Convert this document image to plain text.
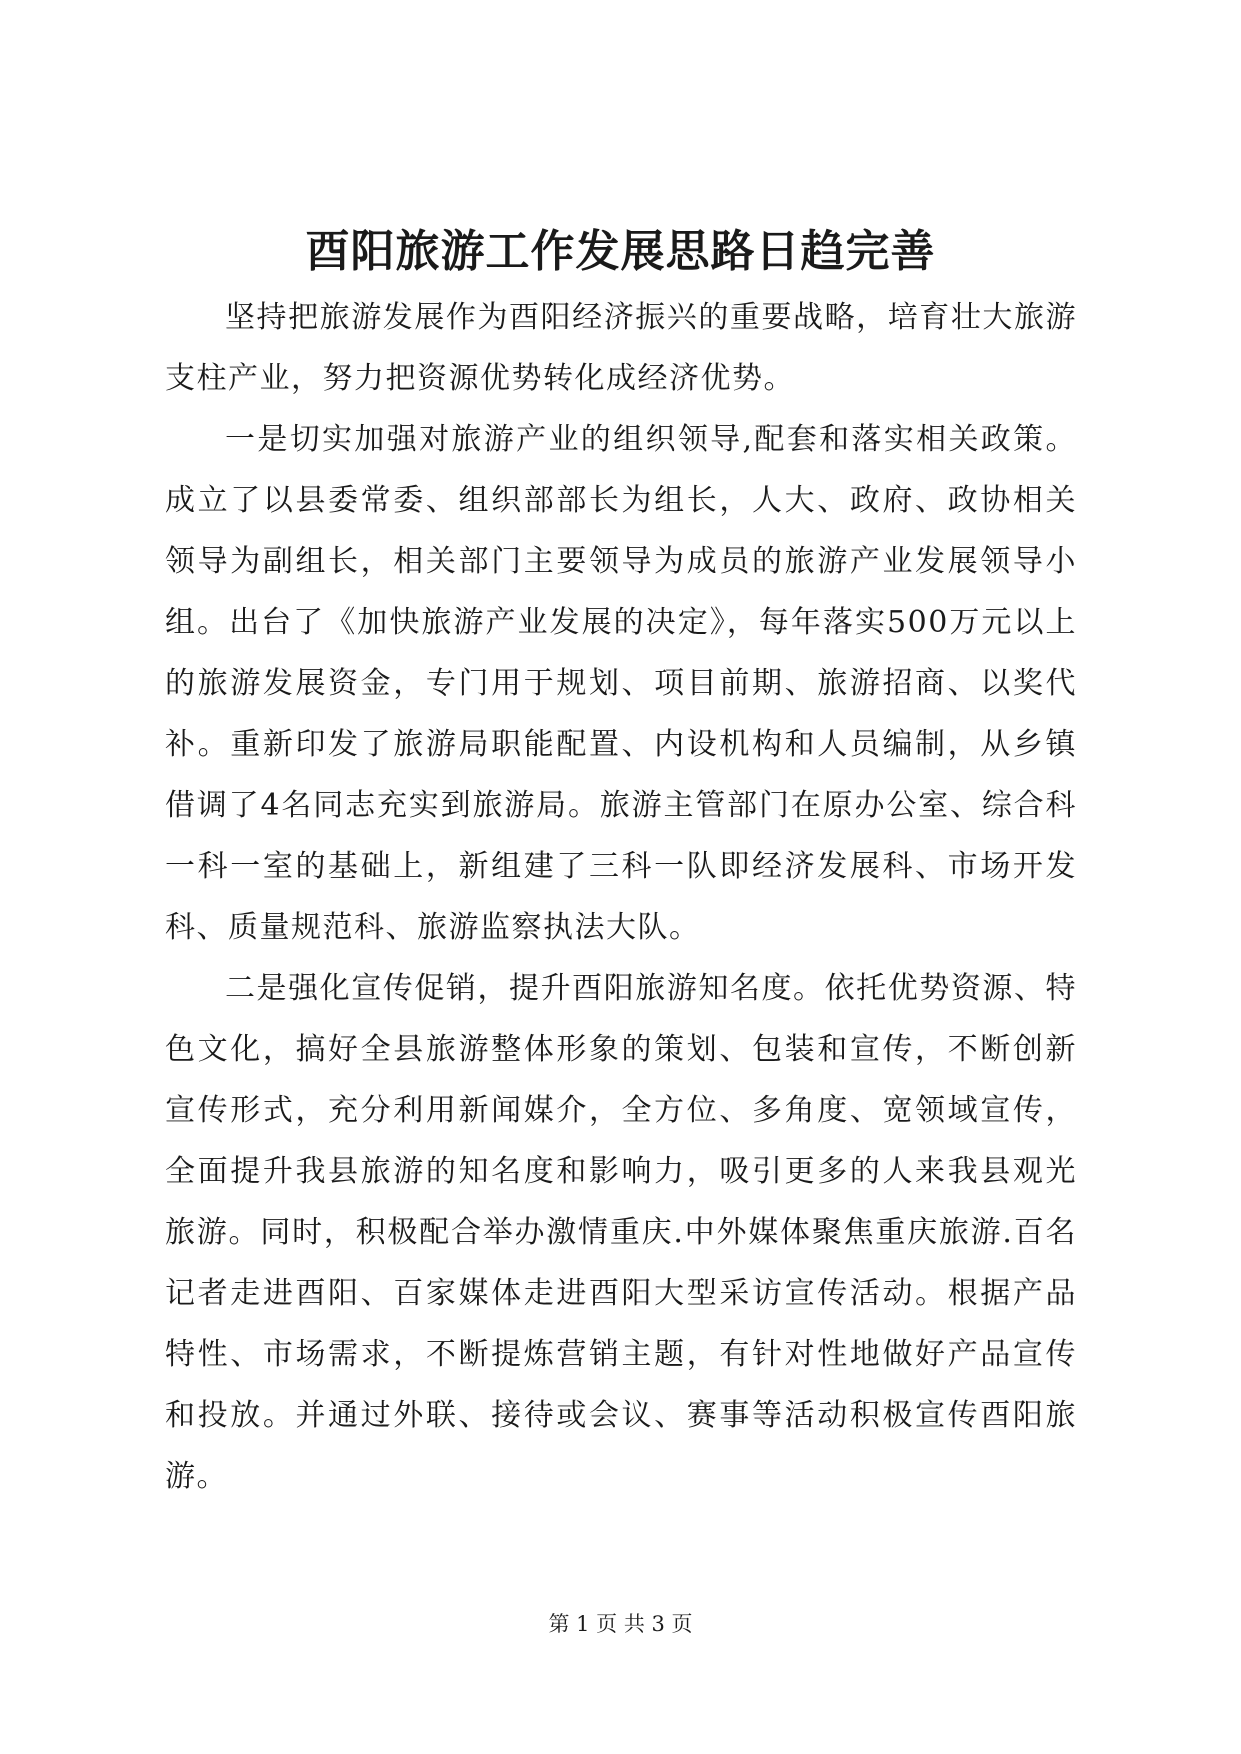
酉阳旅游工作发展思路日趋完善

坚持把旅游发展作为酉阳经济振兴的重要战略，培育壮大旅游支柱产业，努力把资源优势转化成经济优势。

一是切实加强对旅游产业的组织领导,配套和落实相关政策。成立了以县委常委、组织部部长为组长，人大、政府、政协相关领导为副组长，相关部门主要领导为成员的旅游产业发展领导小组。出台了《加快旅游产业发展的决定》，每年落实500万元以上的旅游发展资金，专门用于规划、项目前期、旅游招商、以奖代补。重新印发了旅游局职能配置、内设机构和人员编制，从乡镇借调了4名同志充实到旅游局。旅游主管部门在原办公室、综合科一科一室的基础上，新组建了三科一队即经济发展科、市场开发科、质量规范科、旅游监察执法大队。

二是强化宣传促销，提升酉阳旅游知名度。依托优势资源、特色文化，搞好全县旅游整体形象的策划、包装和宣传，不断创新宣传形式，充分利用新闻媒介，全方位、多角度、宽领域宣传，全面提升我县旅游的知名度和影响力，吸引更多的人来我县观光旅游。同时，积极配合举办激情重庆.中外媒体聚焦重庆旅游.百名记者走进酉阳、百家媒体走进酉阳大型采访宣传活动。根据产品特性、市场需求，不断提炼营销主题，有针对性地做好产品宣传和投放。并通过外联、接待或会议、赛事等活动积极宣传酉阳旅游。

第 1 页 共 3 页
